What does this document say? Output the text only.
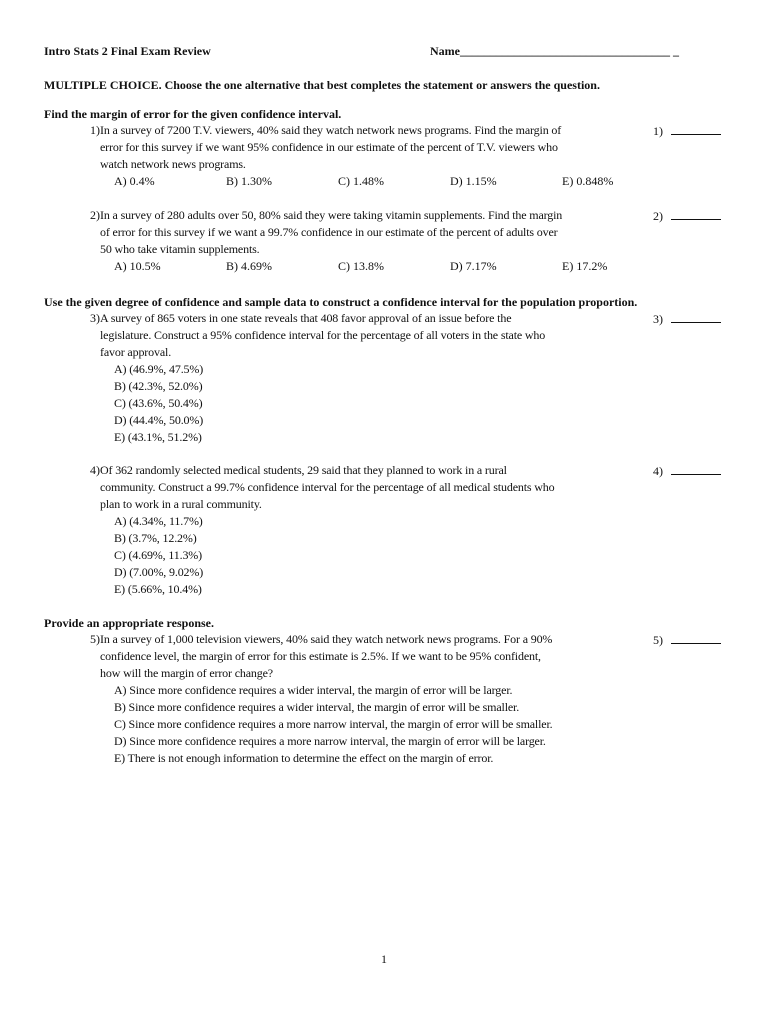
Intro Stats 2 Final Exam Review	Name___________________________________ _
MULTIPLE CHOICE. Choose the one alternative that best completes the statement or answers the question.
Find the margin of error for the given confidence interval.
1) In a survey of 7200 T.V. viewers, 40% said they watch network news programs. Find the margin of

error for this survey if we want 95% confidence in our estimate of the percent of T.V. viewers who

watch network news programs.

A) 0.4%	B) 1.30%	C) 1.48%	D) 1.15%	E) 0.848%
1)
2) In a survey of 280 adults over 50, 80% said they were taking vitamin supplements. Find the margin

of error for this survey if we want a 99.7% confidence in our estimate of the percent of adults over

50 who take vitamin supplements.

A) 10.5%	B) 4.69%	C) 13.8%	D) 7.17%	E) 17.2%
2)
Use the given degree of confidence and sample data to construct a confidence interval for the population proportion.
3) A survey of 865 voters in one state reveals that 408 favor approval of an issue before the

legislature. Construct a 95% confidence interval for the percentage of all voters in the state who

favor approval.

A) (46.9%, 47.5%)
B) (42.3%, 52.0%)
C) (43.6%, 50.4%)
D) (44.4%, 50.0%)
E) (43.1%, 51.2%)
3)
4) Of 362 randomly selected medical students, 29 said that they planned to work in a rural

community. Construct a 99.7% confidence interval for the percentage of all medical students who

plan to work in a rural community.

A) (4.34%, 11.7%)
B) (3.7%, 12.2%)
C) (4.69%, 11.3%)
D) (7.00%, 9.02%)
E) (5.66%, 10.4%)
4)
Provide an appropriate response.
5) In a survey of 1,000 television viewers, 40% said they watch network news programs. For a 90%

confidence level, the margin of error for this estimate is 2.5%. If we want to be 95% confident,

how will the margin of error change?

A) Since more confidence requires a wider interval, the margin of error will be larger.
B) Since more confidence requires a wider interval, the margin of error will be smaller.
C) Since more confidence requires a more narrow interval, the margin of error will be smaller.
D) Since more confidence requires a more narrow interval, the margin of error will be larger.
E) There is not enough information to determine the effect on the margin of error.
5)
1
